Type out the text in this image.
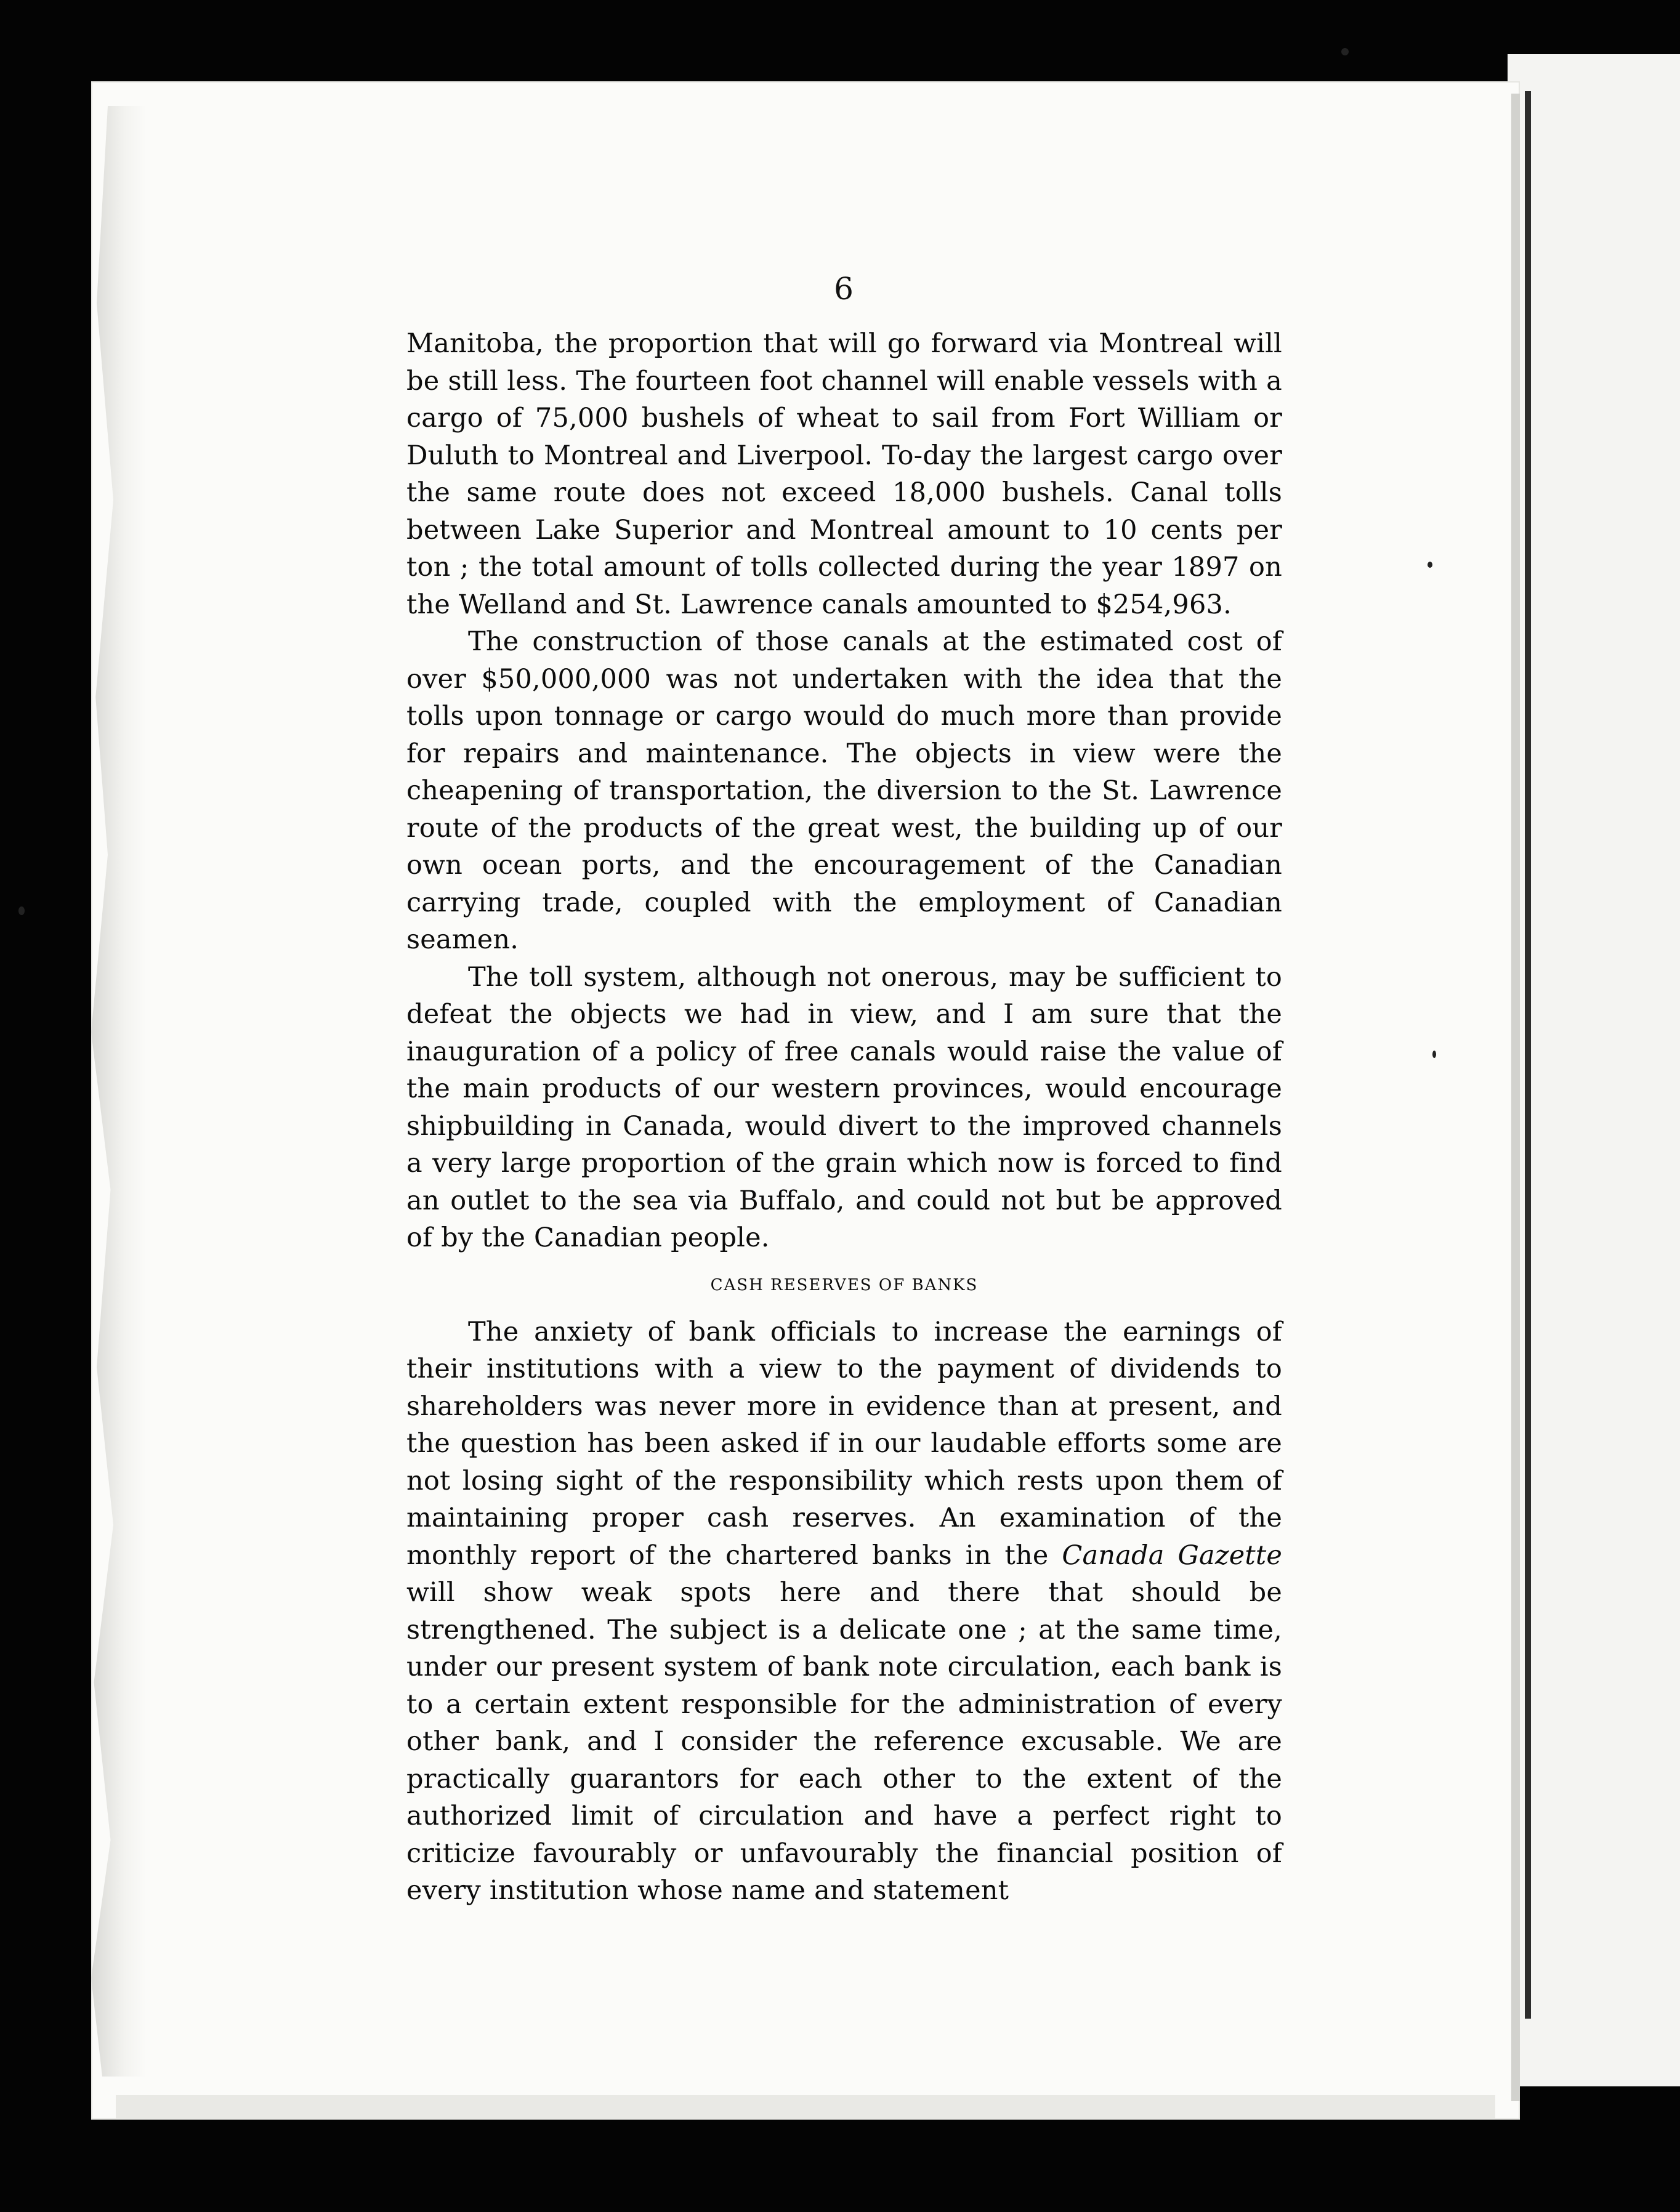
6

Manitoba, the proportion that will go forward via Montreal will be still less. The fourteen foot channel will enable vessels with a cargo of 75,000 bushels of wheat to sail from Fort William or Duluth to Montreal and Liverpool. To-day the largest cargo over the same route does not exceed 18,000 bushels. Canal tolls between Lake Superior and Montreal amount to 10 cents per ton ; the total amount of tolls collected during the year 1897 on the Welland and St. Lawrence canals amounted to $254,963.

The construction of those canals at the estimated cost of over $50,000,000 was not undertaken with the idea that the tolls upon tonnage or cargo would do much more than provide for repairs and maintenance. The objects in view were the cheapening of transportation, the diversion to the St. Lawrence route of the products of the great west, the building up of our own ocean ports, and the encouragement of the Canadian carrying trade, coupled with the employment of Canadian seamen.

The toll system, although not onerous, may be sufficient to defeat the objects we had in view, and I am sure that the inauguration of a policy of free canals would raise the value of the main products of our western provinces, would encourage shipbuilding in Canada, would divert to the improved channels a very large proportion of the grain which now is forced to find an outlet to the sea via Buffalo, and could not but be approved of by the Canadian people.

CASH RESERVES OF BANKS

The anxiety of bank officials to increase the earnings of their institutions with a view to the payment of dividends to shareholders was never more in evidence than at present, and the question has been asked if in our laudable efforts some are not losing sight of the responsibility which rests upon them of maintaining proper cash reserves. An examination of the monthly report of the chartered banks in the Canada Gazette will show weak spots here and there that should be strengthened. The subject is a delicate one ; at the same time, under our present system of bank note circulation, each bank is to a certain extent responsible for the administration of every other bank, and I consider the reference excusable. We are practically guarantors for each other to the extent of the authorized limit of circulation and have a perfect right to criticize favourably or unfavourably the financial position of every institution whose name and statement
